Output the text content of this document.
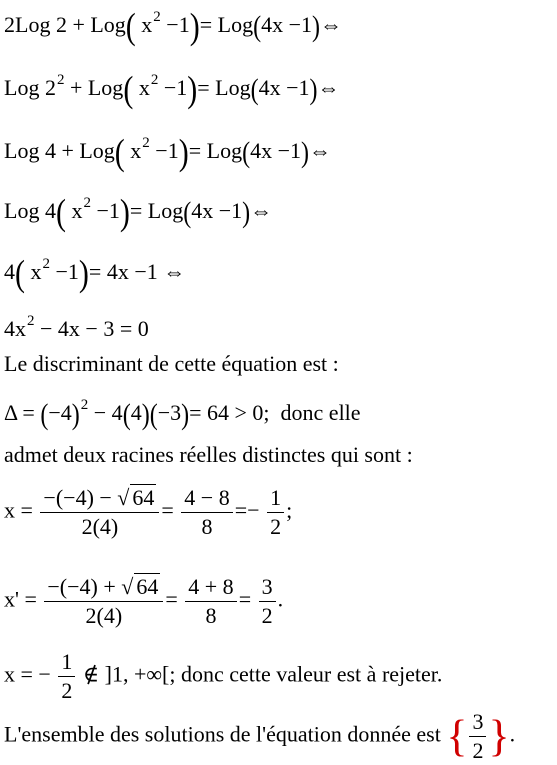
2Log 2 + Log( $x^2 -1)= Log(4x$ −1)⇔
Log $2^2 + Log$( $x^2 -1)= Log(4x$ −1)⇔
Log 4 + Log( $x^2 -1)= Log(4x$ −1)⇔
Log 4( $x^2 -1)= Log(4x$ −1)⇔
4( $x^2 -1)= 4x -1$ ⇔
$4x^2 - 4x - 3 = 0$
Le discriminant de cette équation est :
$\Delta = (-4)^2 - 4(4)(-3)= 64 > 0$;  donc elle
admet deux racines réelles distinctes qui sont :
$x = \frac{-(-4) - √ 64}{2(4)} = \frac{4 - 8}{8} =- \frac{1}{2}$ ;
$x' = \frac{-(-4) + √ 64}{2(4)} = \frac{4 + 8}{8} = \frac{3}{2}$ .
x = − $\frac{1}{2}$ ∉ ]1, +∞[; donc cette valeur est à rejeter.
L'ensemble des solutions de l'équation donnée est { $\frac{3}{2}$ }.
